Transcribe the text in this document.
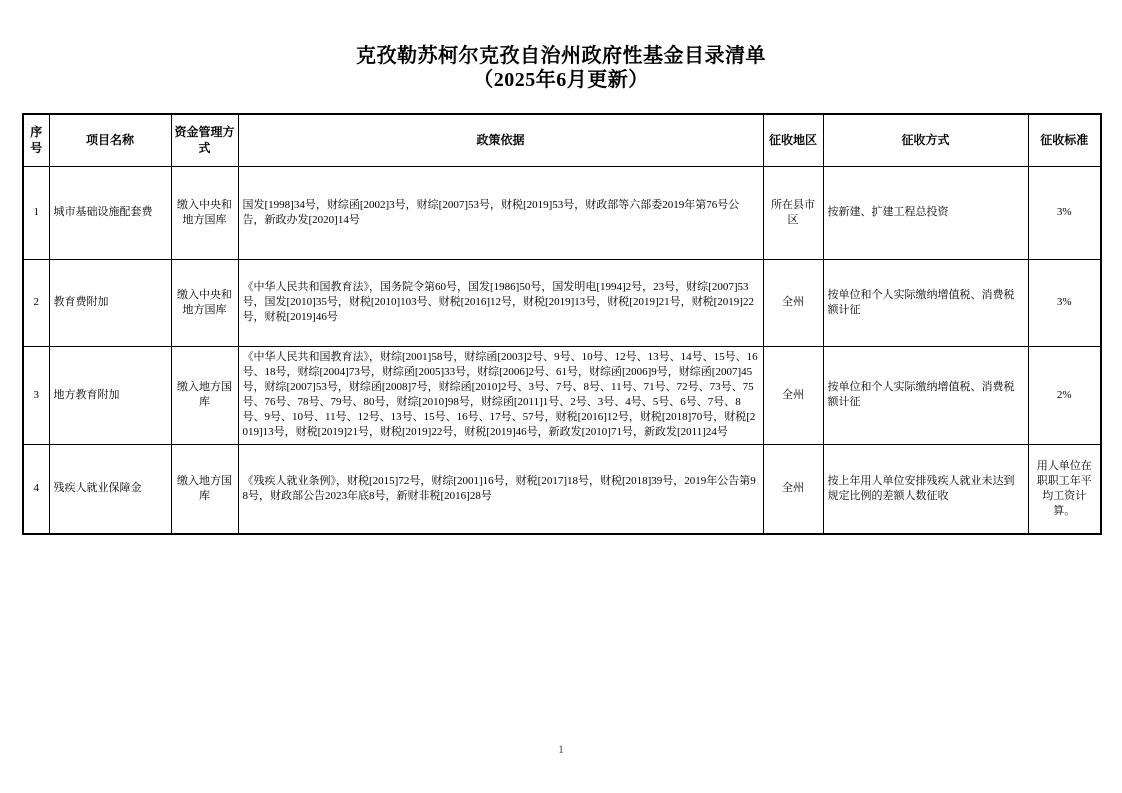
克孜勒苏柯尔克孜自治州政府性基金目录清单
（2025年6月更新）
序号	项目名称	资金管理方式	政策依据	征收地区	征收方式	征收标准
1	城市基础设施配套费	缴入中央和地方国库	国发[1998]34号，财综函[2002]3号，财综[2007]53号，财税[2019]53号，财政部等六部委2019年第76号公告，新政办发[2020]14号	所在县市区	按新建、扩建工程总投资	3%
2	教育费附加	缴入中央和地方国库	《中华人民共和国教育法》，国务院令第60号，国发[1986]50号，国发明电[1994]2号，23号，财综[2007]53号，国发[2010]35号，财税[2010]103号、财税[2016]12号，财税[2019]13号，财税[2019]21号，财税[2019]22号，财税[2019]46号	全州	按单位和个人实际缴纳增值税、消费税额计征	3%
3	地方教育附加	缴入地方国库	《中华人民共和国教育法》，财综[2001]58号，财综函[2003]2号、9号、10号、12号、13号、14号、15号、16号、18号，财综[2004]73号，财综函[2005]33号，财综[2006]2号、61号，财综函[2006]9号，财综函[2007]45号，财综[2007]53号，财综函[2008]7号，财综函[2010]2号、3号、7号、8号、11号、71号、72号、73号、75号、76号、78号、79号、80号，财综[2010]98号，财综函[2011]1号、2号、3号、4号、5号、6号、7号、8号、9号、10号、11号、12号、13号、15号、16号、17号、57号，财税[2016]12号，财税[2018]70号，财税[2019]13号，财税[2019]21号，财税[2019]22号，财税[2019]46号，新政发[2010]71号，新政发[2011]24号	全州	按单位和个人实际缴纳增值税、消费税额计征	2%
4	残疾人就业保障金	缴入地方国库	《残疾人就业条例》，财税[2015]72号，财综[2001]16号，财税[2017]18号，财税[2018]39号，2019年公告第98号，财政部公告2023年底8号，新财非税[2016]28号	全州	按上年用人单位安排残疾人就业未达到规定比例的差额人数征收	用人单位在职职工年平均工资计算。
1
